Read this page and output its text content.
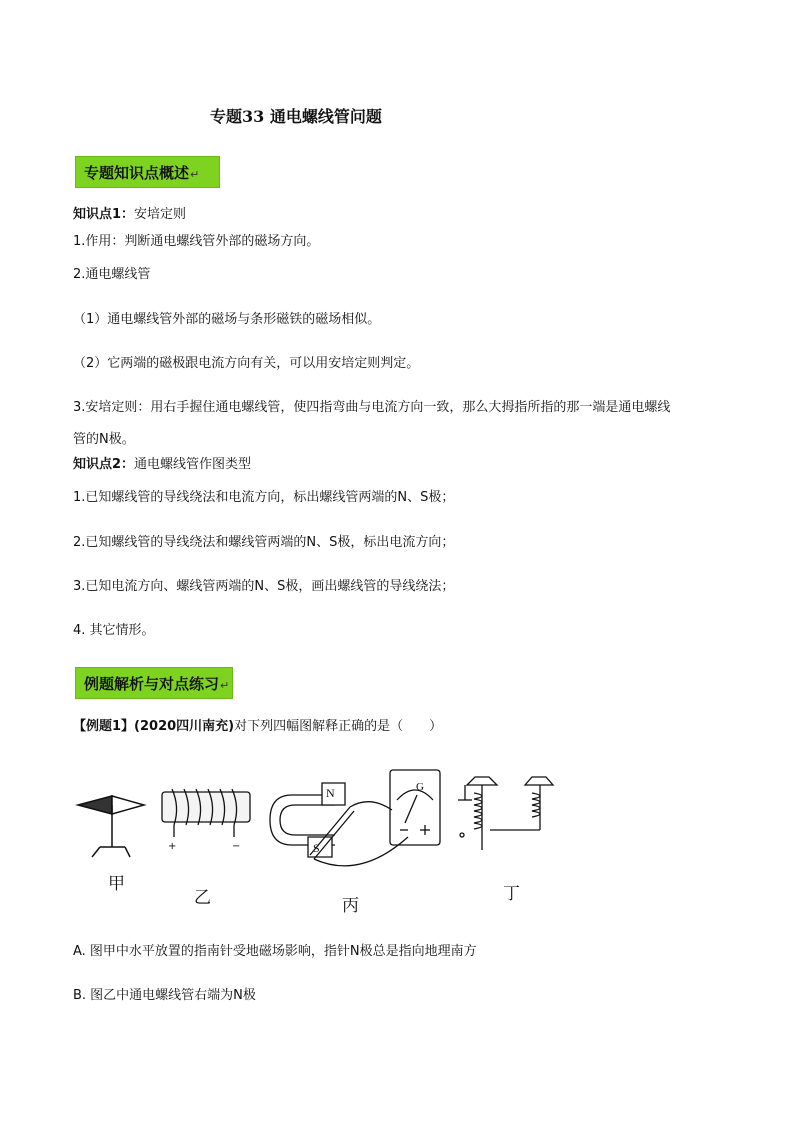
专题33 通电螺线管问题
专题知识点概述↵
知识点1：安培定则
1.作用：判断通电螺线管外部的磁场方向。
2.通电螺线管
（1）通电螺线管外部的磁场与条形磁铁的磁场相似。
（2）它两端的磁极跟电流方向有关，可以用安培定则判定。
3.安培定则：用右手握住通电螺线管，使四指弯曲与电流方向一致，那么大拇指所指的那一端是通电螺线
管的N极。
知识点2：通电螺线管作图类型
1.已知螺线管的导线绕法和电流方向，标出螺线管两端的N、S极；
2.已知螺线管的导线绕法和螺线管两端的N、S极，标出电流方向；
3.已知电流方向、螺线管两端的N、S极，画出螺线管的导线绕法；
4. 其它情形。
例题解析与对点练习↵
【例题1】(2020四川南充)对下列四幅图解释正确的是（　　）
+	−
N
S
G
甲
乙	丙
丁
A. 图甲中水平放置的指南针受地磁场影响，指针N极总是指向地理南方
B. 图乙中通电螺线管右端为N极
